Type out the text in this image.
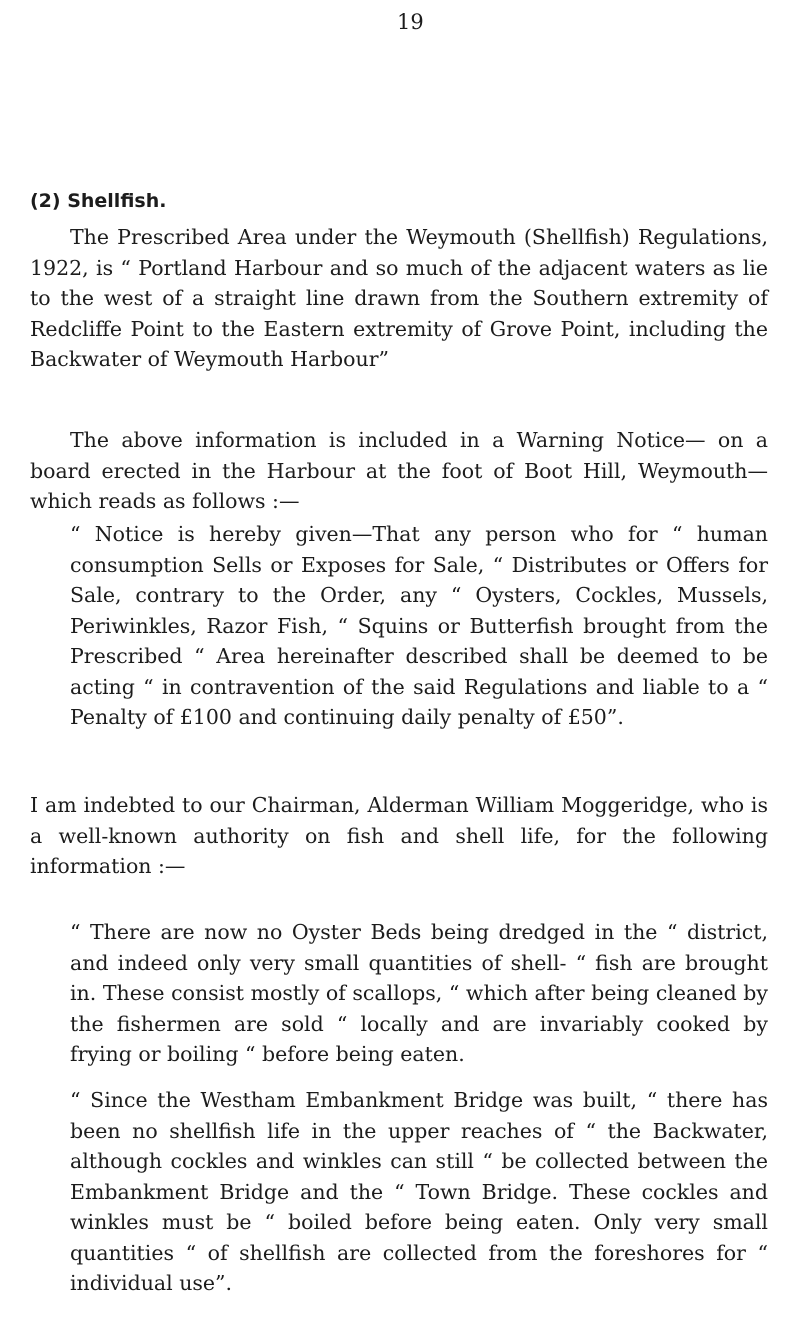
19
(2) Shellfish.
The Prescribed Area under the Weymouth (Shellfish) Regulations, 1922, is “ Portland Harbour and so much of the adjacent waters as lie to the west of a straight line drawn from the Southern extremity of Redcliffe Point to the Eastern extremity of Grove Point, including the Backwater of Weymouth Harbour”
The above information is included in a Warning Notice— on a board erected in the Harbour at the foot of Boot Hill, Weymouth—which reads as follows :—
“ Notice is hereby given—That any person who for “ human consumption Sells or Exposes for Sale, “ Distributes or Offers for Sale, contrary to the Order, any “ Oysters, Cockles, Mussels, Periwinkles, Razor Fish, “ Squins or Butterfish brought from the Prescribed “ Area hereinafter described shall be deemed to be acting “ in contravention of the said Regulations and liable to a “ Penalty of £100 and continuing daily penalty of £50”.
I am indebted to our Chairman, Alderman William Moggeridge, who is a well-known authority on fish and shell life, for the following information :—
“ There are now no Oyster Beds being dredged in the “ district, and indeed only very small quantities of shell- “ fish are brought in. These consist mostly of scallops, “ which after being cleaned by the fishermen are sold “ locally and are invariably cooked by frying or boiling “ before being eaten.
“ Since the Westham Embankment Bridge was built, “ there has been no shellfish life in the upper reaches of “ the Backwater, although cockles and winkles can still “ be collected between the Embankment Bridge and the “ Town Bridge. These cockles and winkles must be “ boiled before being eaten. Only very small quantities “ of shellfish are collected from the foreshores for “ individual use”.
